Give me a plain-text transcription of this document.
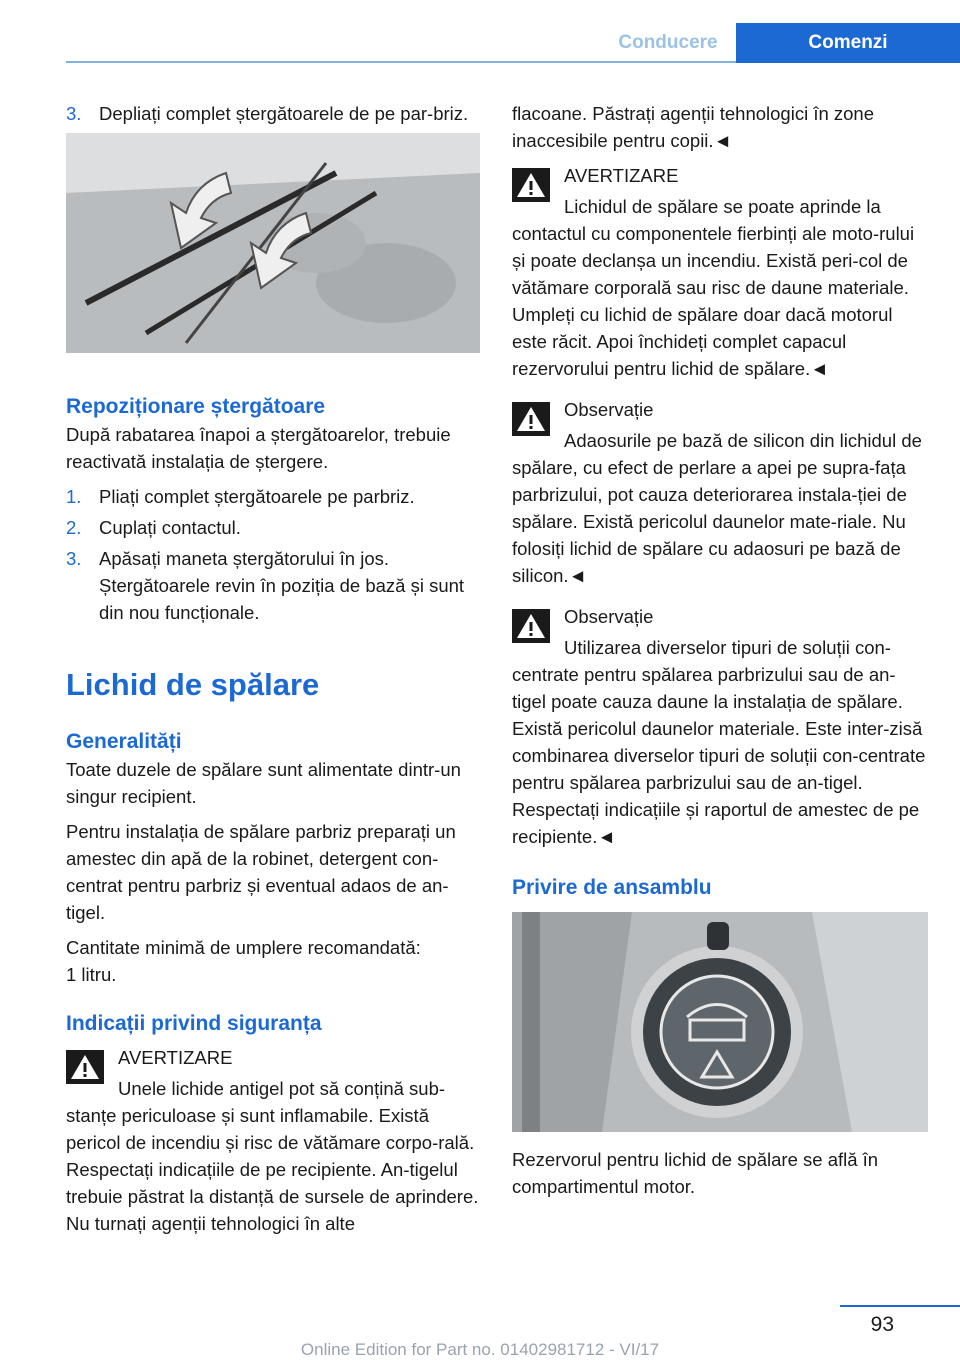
Conducere	Comenzi
3. Depliați complet ștergătoarele de pe par‐briz.
Repoziționare ștergătoare

După rabatarea înapoi a ștergătoarelor, trebuie reactivată instalația de ștergere.

1. Pliați complet ștergătoarele pe parbriz.
2. Cuplați contactul.
3. Apăsați maneta ștergătorului în jos. Ștergătoarele revin în poziția de bază și sunt din nou funcționale.
Lichid de spălare
Generalități

Toate duzele de spălare sunt alimentate dintr‐un singur recipient.

Pentru instalația de spălare parbriz preparați un amestec din apă de la robinet, detergent con‐centrat pentru parbriz și eventual adaos de an‐tigel.

Cantitate minimă de umplere recomandată:
1 litru.

Indicații privind siguranța
AVERTIZARE
Unele lichide antigel pot să conțină sub‐stanțe periculoase și sunt inflamabile. Există pericol de incendiu și risc de vătămare corpo‐rală. Respectați indicațiile de pe recipiente. An‐tigelul trebuie păstrat la distanță de sursele de aprindere. Nu turnați agenții tehnologici în alte

flacoane. Păstrați agenții tehnologici în zone inaccesibile pentru copii.◄

AVERTIZARE
Lichidul de spălare se poate aprinde la contactul cu componentele fierbinți ale moto‐rului și poate declanșa un incendiu. Există peri‐col de vătămare corporală sau risc de daune materiale. Umpleți cu lichid de spălare doar dacă motorul este răcit. Apoi închideți complet capacul rezervorului pentru lichid de spălare.◄
Observație
Adaosurile pe bază de silicon din lichidul de spălare, cu efect de perlare a apei pe supra‐fața parbrizului, pot cauza deteriorarea instala‐ției de spălare. Există pericolul daunelor mate‐riale. Nu folosiți lichid de spălare cu adaosuri pe bază de silicon.◄
Observație
Utilizarea diverselor tipuri de soluții con‐centrate pentru spălarea parbrizului sau de an‐tigel poate cauza daune la instalația de spălare. Există pericolul daunelor materiale. Este inter‐zisă combinarea diverselor tipuri de soluții con‐centrate pentru spălarea parbrizului sau de an‐tigel. Respectați indicațiile și raportul de amestec de pe recipiente.◄
Privire de ansamblu

Rezervorul pentru lichid de spălare se află în compartimentul motor.

93
Online Edition for Part no. 01402981712 - VI/17
